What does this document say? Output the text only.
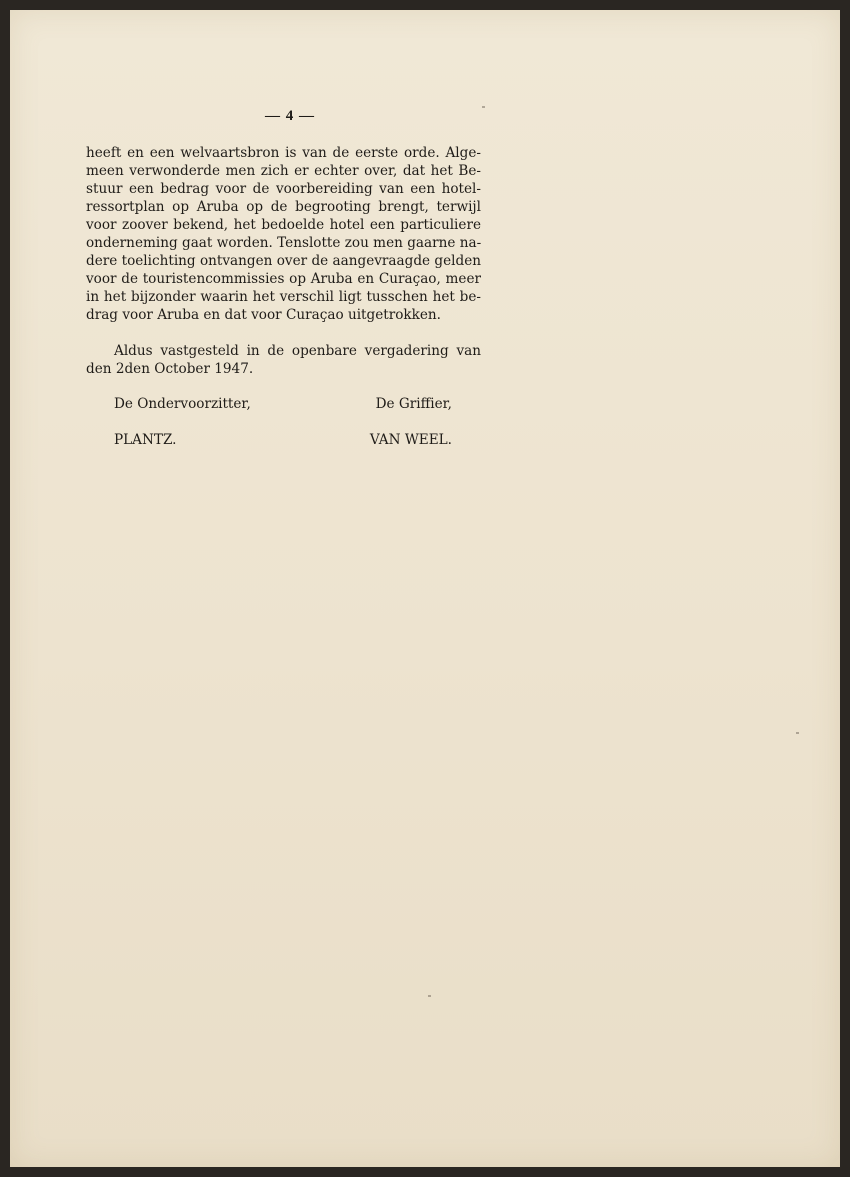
— 4 —
heeft en een welvaartsbron is van de eerste orde. Alge-
meen verwonderde men zich er echter over, dat het Be-
stuur een bedrag voor de voorbereiding van een hotel-
ressortplan op Aruba op de begrooting brengt, terwijl
voor zoover bekend, het bedoelde hotel een particuliere
onderneming gaat worden. Tenslotte zou men gaarne na-
dere toelichting ontvangen over de aangevraagde gelden
voor de touristencommissies op Aruba en Curaçao, meer
in het bijzonder waarin het verschil ligt tusschen het be-
drag voor Aruba en dat voor Curaçao uitgetrokken.
Aldus vastgesteld in de openbare vergadering van
den 2den October 1947.
De Ondervoorzitter,	De Griffier,
PLANTZ.	VAN WEEL.
